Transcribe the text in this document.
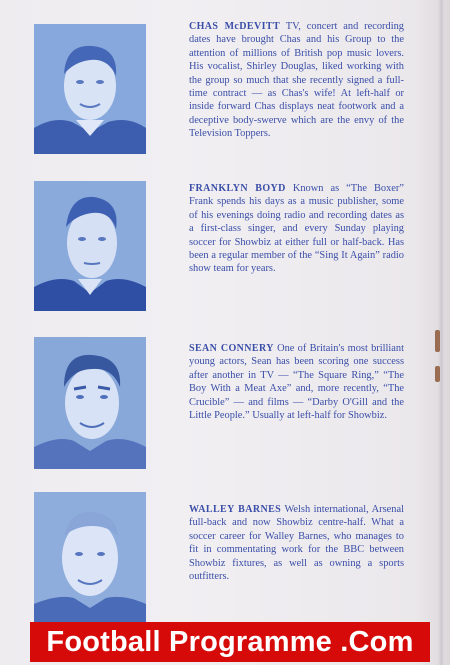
CHAS McDEVITT TV, concert and recording dates have brought Chas and his Group to the attention of millions of British pop music lovers. His vocalist, Shirley Douglas, liked working with the group so much that she recently signed a full-time contract — as Chas's wife! At left-half or inside forward Chas displays neat footwork and a deceptive body-swerve which are the envy of the Television Toppers.

FRANKLYN BOYD Known as “The Boxer” Frank spends his days as a music publisher, some of his evenings doing radio and recording dates as a first-class singer, and every Sunday playing soccer for Showbiz at either full or half-back. Has been a regular member of the “Sing It Again” radio show team for years.

SEAN CONNERY One of Britain's most brilliant young actors, Sean has been scoring one success after another in TV — “The Square Ring,” “The Boy With a Meat Axe” and, more recently, “The Crucible” — and films — “Darby O'Gill and the Little People.” Usually at left-half for Showbiz.

WALLEY BARNES Welsh international, Arsenal full-back and now Showbiz centre-half. What a soccer career for Walley Barnes, who manages to fit in commentating work for the BBC between Showbiz fixtures, as well as owning a sports outfitters.

Football Programme .Com
